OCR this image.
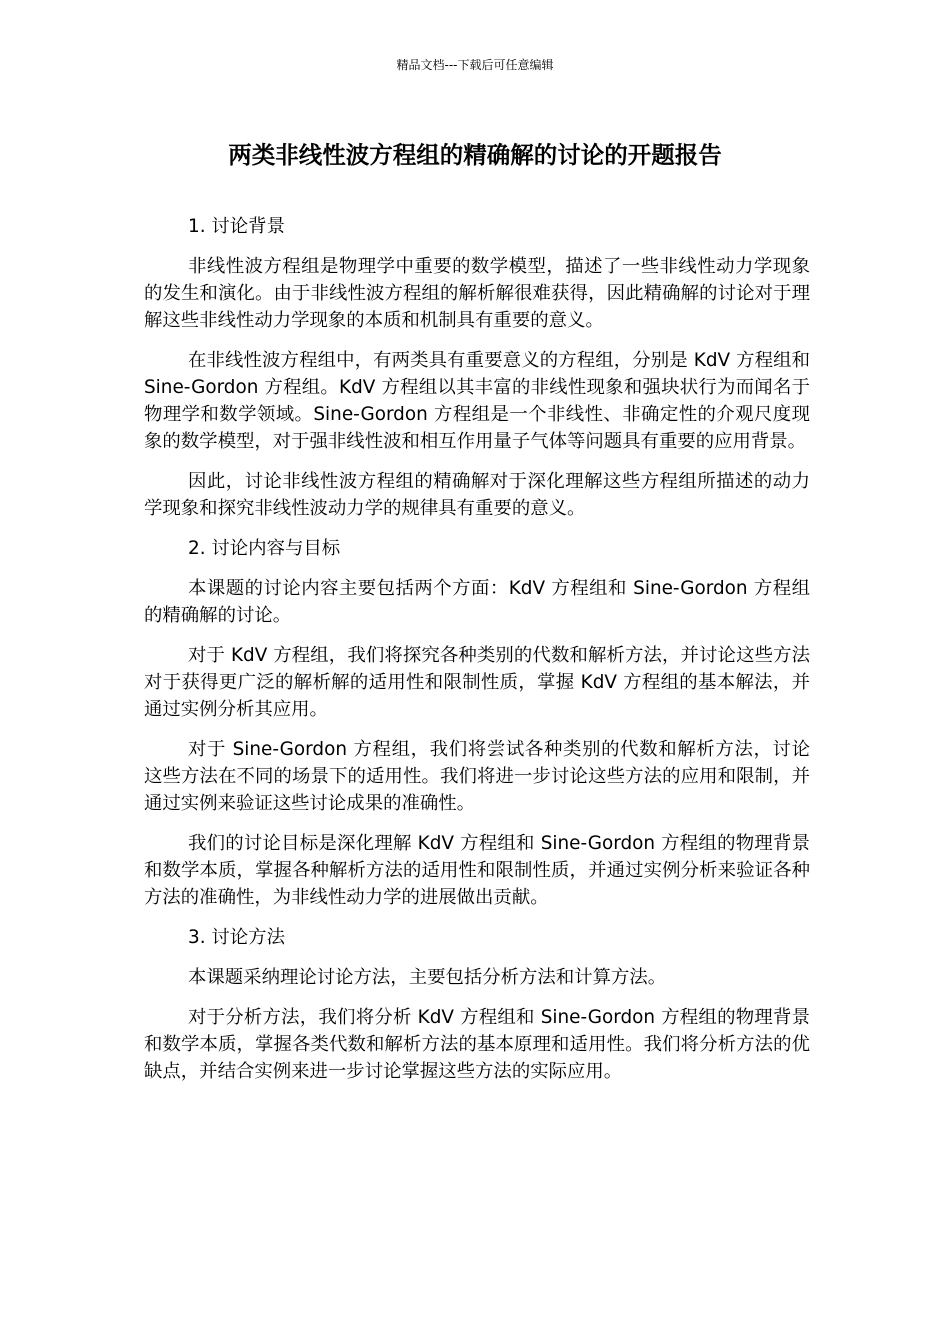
精品文档---下载后可任意编辑
两类非线性波方程组的精确解的讨论的开题报告

1. 讨论背景

非线性波方程组是物理学中重要的数学模型，描述了一些非线性动力学现象的发生和演化。由于非线性波方程组的解析解很难获得，因此精确解的讨论对于理解这些非线性动力学现象的本质和机制具有重要的意义。

在非线性波方程组中，有两类具有重要意义的方程组，分别是 KdV 方程组和 Sine-Gordon 方程组。KdV 方程组以其丰富的非线性现象和强块状行为而闻名于物理学和数学领域。Sine-Gordon 方程组是一个非线性、非确定性的介观尺度现象的数学模型，对于强非线性波和相互作用量子气体等问题具有重要的应用背景。

因此，讨论非线性波方程组的精确解对于深化理解这些方程组所描述的动力学现象和探究非线性波动力学的规律具有重要的意义。

2. 讨论内容与目标

本课题的讨论内容主要包括两个方面：KdV 方程组和 Sine-Gordon 方程组的精确解的讨论。

对于 KdV 方程组，我们将探究各种类别的代数和解析方法，并讨论这些方法对于获得更广泛的解析解的适用性和限制性质，掌握 KdV 方程组的基本解法，并通过实例分析其应用。

对于 Sine-Gordon 方程组，我们将尝试各种类别的代数和解析方法，讨论这些方法在不同的场景下的适用性。我们将进一步讨论这些方法的应用和限制，并通过实例来验证这些讨论成果的准确性。

我们的讨论目标是深化理解 KdV 方程组和 Sine-Gordon 方程组的物理背景和数学本质，掌握各种解析方法的适用性和限制性质，并通过实例分析来验证各种方法的准确性，为非线性动力学的进展做出贡献。

3. 讨论方法

本课题采纳理论讨论方法，主要包括分析方法和计算方法。

对于分析方法，我们将分析 KdV 方程组和 Sine-Gordon 方程组的物理背景和数学本质，掌握各类代数和解析方法的基本原理和适用性。我们将分析方法的优缺点，并结合实例来进一步讨论掌握这些方法的实际应用。
